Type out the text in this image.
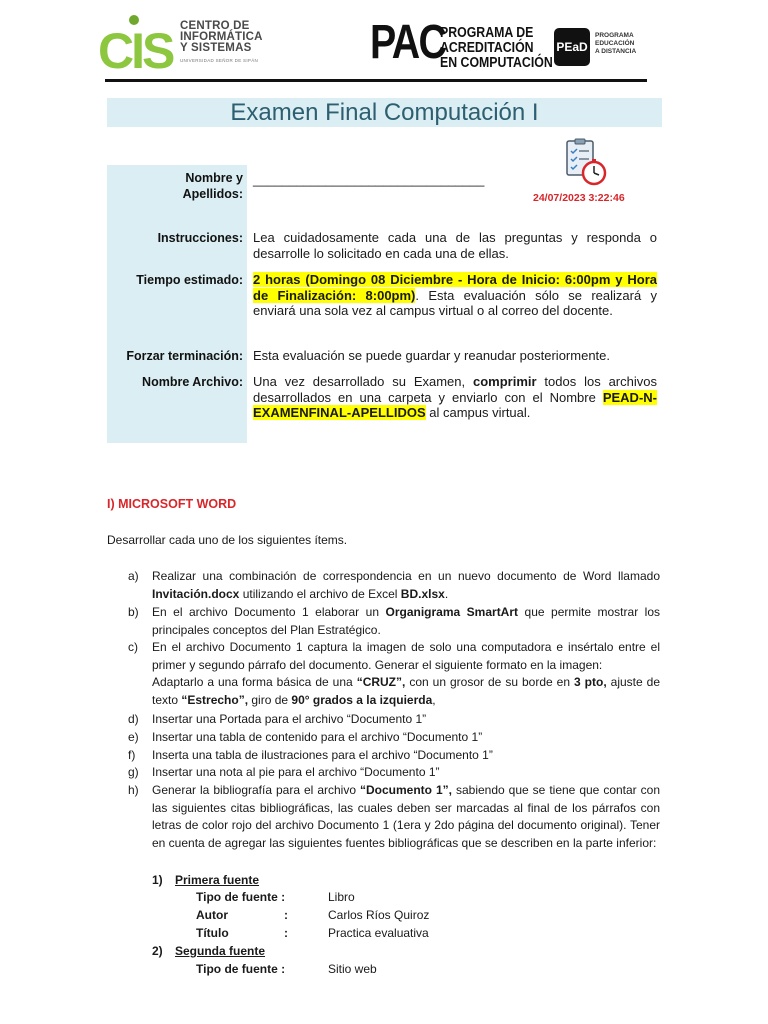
CIS CENTRO DE
INFORMÁTICA
Y SISTEMAS
UNIVERSIDAD SEÑOR DE SIPÁN PAC
PROGRAMA DE
ACREDITACIÓN
EN COMPUTACIÓN
PEaD
PROGRAMA
EDUCACIÓN
A DISTANCIA
Examen Final Computación I
24/07/2023 3:22:46
Nombre y
Apellidos:
________________________________
Instrucciones: Lea cuidadosamente cada una de las preguntas y responda o desarrolle lo solicitado en cada una de ellas.
Tiempo estimado: 2 horas (Domingo 08 Diciembre - Hora de Inicio: 6:00pm y Hora de Finalización: 8:00pm). Esta evaluación sólo se realizará y enviará una sola vez al campus virtual o al correo del docente.
Forzar terminación: Esta evaluación se puede guardar y reanudar posteriormente.
Nombre Archivo: Una vez desarrollado su Examen, comprimir todos los archivos desarrollados en una carpeta y enviarlo con el Nombre PEAD-N-EXAMENFINAL-APELLIDOS al campus virtual.
I) MICROSOFT WORD
Desarrollar cada uno de los siguientes ítems.
a)	Realizar una combinación de correspondencia en un nuevo documento de Word llamado Invitación.docx utilizando el archivo de Excel BD.xlsx.
b)	En el archivo Documento 1 elaborar un Organigrama SmartArt que permite mostrar los principales conceptos del Plan Estratégico.
c)	En el archivo Documento 1 captura la imagen de solo una computadora e insértalo entre el primer y segundo párrafo del documento. Generar el siguiente formato en la imagen:
Adaptarlo a una forma básica de una “CRUZ”, con un grosor de su borde en 3 pto, ajuste de texto “Estrecho”, giro de 90° grados a la izquierda,
d)	Insertar una Portada para el archivo “Documento 1”
e)	Insertar una tabla de contenido para el archivo “Documento 1”
f)	Inserta una tabla de ilustraciones para el archivo “Documento 1”
g)	Insertar una nota al pie para el archivo “Documento 1”
h)	Generar la bibliografía para el archivo “Documento 1”, sabiendo que se tiene que contar con las siguientes citas bibliográficas, las cuales deben ser marcadas al final de los párrafos con letras de color rojo del archivo Documento 1 (1era y 2do página del documento original). Tener en cuenta de agregar las siguientes fuentes bibliográficas que se describen en la parte inferior:
1) Primera fuente
Tipo de fuente :	Libro
Autor	:	Carlos Ríos Quiroz
Título	:	Practica evaluativa
2) Segunda fuente
Tipo de fuente :	Sitio web
